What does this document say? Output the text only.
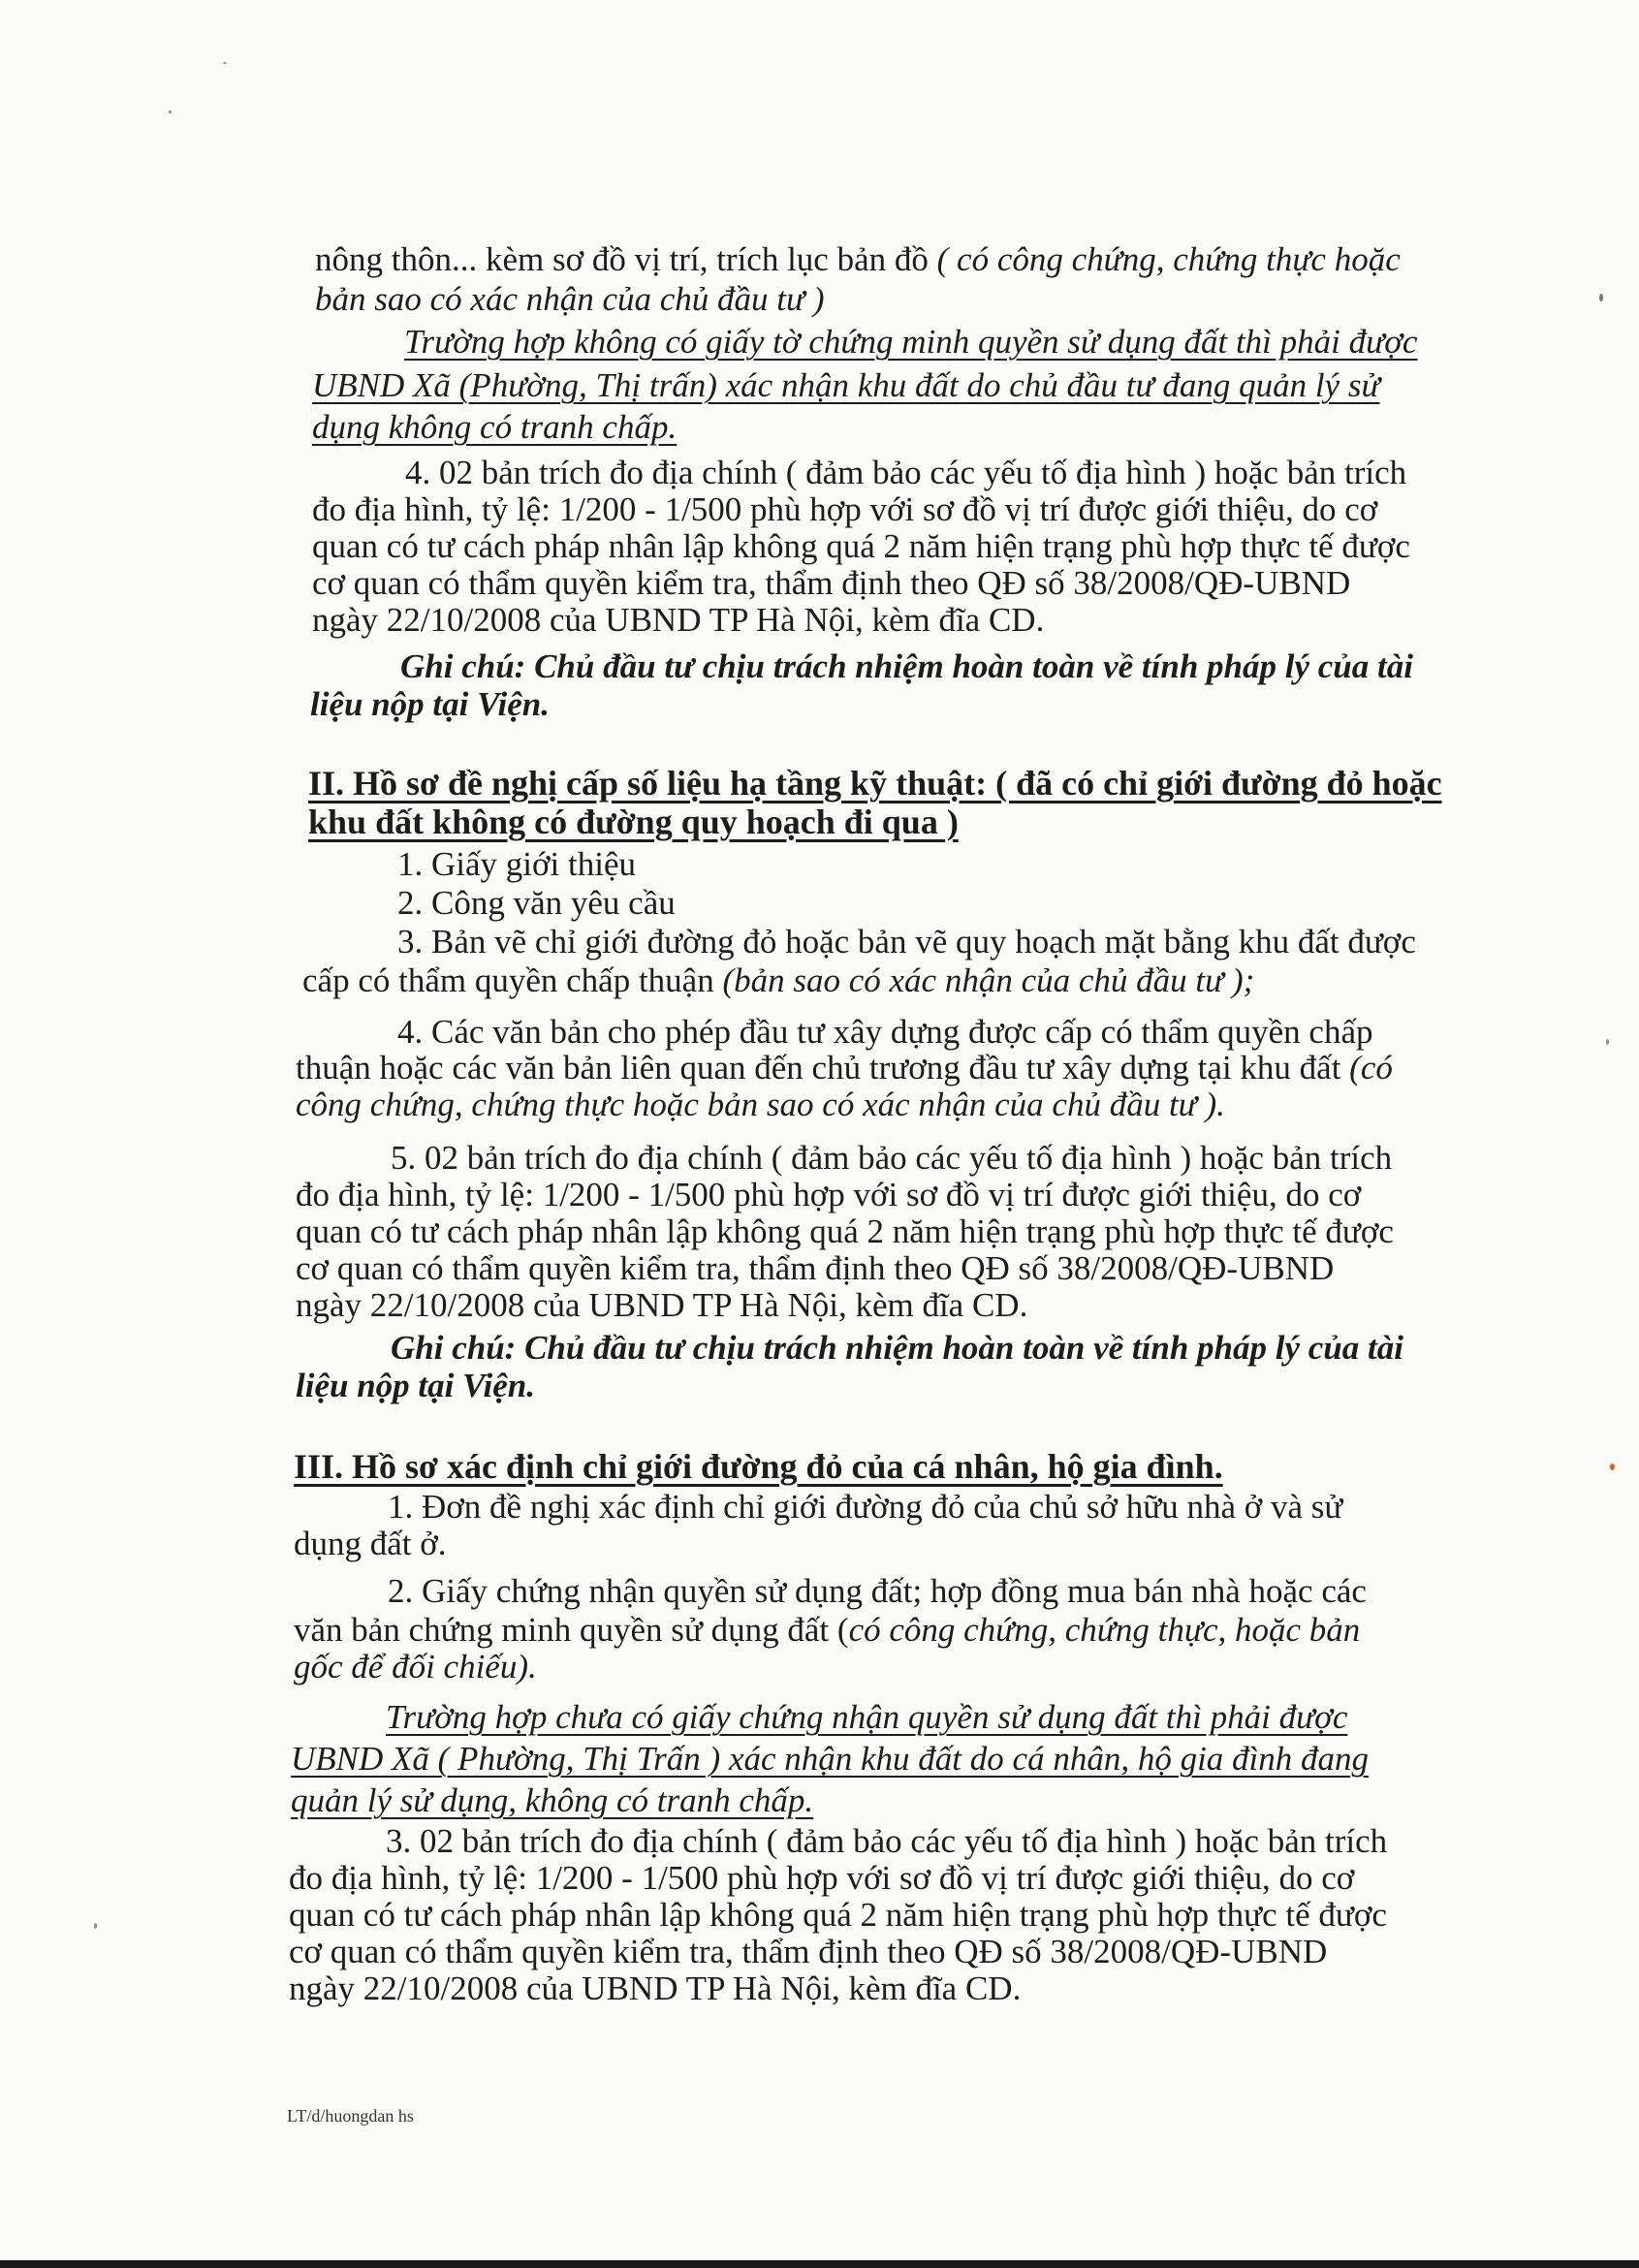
nông thôn... kèm sơ đồ vị trí, trích lục bản đồ ( có công chứng, chứng thực hoặc
bản sao có xác nhận của chủ đầu tư )
Trường hợp không có giấy tờ chứng minh quyền sử dụng đất thì phải được
UBND Xã (Phường, Thị trấn) xác nhận khu đất do chủ đầu tư đang quản lý sử
dụng không có tranh chấp.
4. 02 bản trích đo địa chính ( đảm bảo các yếu tố địa hình ) hoặc bản trích
đo địa hình, tỷ lệ: 1/200 - 1/500 phù hợp với sơ đồ vị trí được giới thiệu, do cơ
quan có tư cách pháp nhân lập không quá 2 năm hiện trạng phù hợp thực tế được
cơ quan có thẩm quyền kiểm tra, thẩm định theo QĐ số 38/2008/QĐ-UBND
ngày 22/10/2008 của UBND TP Hà Nội, kèm đĩa CD.
Ghi chú: Chủ đầu tư chịu trách nhiệm hoàn toàn về tính pháp lý của tài
liệu nộp tại Viện.
II. Hồ sơ đề nghị cấp số liệu hạ tầng kỹ thuật: ( đã có chỉ giới đường đỏ hoặc
khu đất không có đường quy hoạch đi qua )
1. Giấy giới thiệu
2. Công văn yêu cầu
3. Bản vẽ chỉ giới đường đỏ hoặc bản vẽ quy hoạch mặt bằng khu đất được
cấp có thẩm quyền chấp thuận (bản sao có xác nhận của chủ đầu tư );
4. Các văn bản cho phép đầu tư xây dựng được cấp có thẩm quyền chấp
thuận hoặc các văn bản liên quan đến chủ trương đầu tư xây dựng tại khu đất (có
công chứng, chứng thực hoặc bản sao có xác nhận của chủ đầu tư ).
5. 02 bản trích đo địa chính ( đảm bảo các yếu tố địa hình ) hoặc bản trích
đo địa hình, tỷ lệ: 1/200 - 1/500 phù hợp với sơ đồ vị trí được giới thiệu, do cơ
quan có tư cách pháp nhân lập không quá 2 năm hiện trạng phù hợp thực tế được
cơ quan có thẩm quyền kiểm tra, thẩm định theo QĐ số 38/2008/QĐ-UBND
ngày 22/10/2008 của UBND TP Hà Nội, kèm đĩa CD.
Ghi chú: Chủ đầu tư chịu trách nhiệm hoàn toàn về tính pháp lý của tài
liệu nộp tại Viện.
III. Hồ sơ xác định chỉ giới đường đỏ của cá nhân, hộ gia đình.
1. Đơn đề nghị xác định chỉ giới đường đỏ của chủ sở hữu nhà ở và sử
dụng đất ở.
2. Giấy chứng nhận quyền sử dụng đất; hợp đồng mua bán nhà hoặc các
văn bản chứng minh quyền sử dụng đất (có công chứng, chứng thực, hoặc bản
gốc để đối chiếu).
Trường hợp chưa có giấy chứng nhận quyền sử dụng đất thì phải được
UBND Xã ( Phường, Thị Trấn ) xác nhận khu đất do cá nhân, hộ gia đình đang
quản lý sử dụng, không có tranh chấp.
3. 02 bản trích đo địa chính ( đảm bảo các yếu tố địa hình ) hoặc bản trích
đo địa hình, tỷ lệ: 1/200 - 1/500 phù hợp với sơ đồ vị trí được giới thiệu, do cơ
quan có tư cách pháp nhân lập không quá 2 năm hiện trạng phù hợp thực tế được
cơ quan có thẩm quyền kiểm tra, thẩm định theo QĐ số 38/2008/QĐ-UBND
ngày 22/10/2008 của UBND TP Hà Nội, kèm đĩa CD.
LT/d/huongdan hs
